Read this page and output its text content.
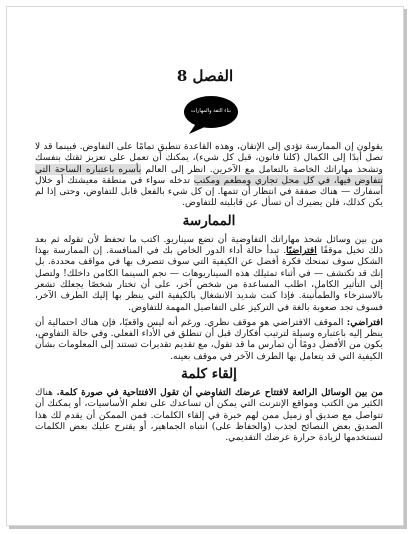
الفصل 8
بناء الثقة والمهارات

يقولون إن الممارسة تؤدي إلى الإتقان، وهذه القاعدة تنطبق تمامًا على التفاوض. فبينما قد لا تصل أبدًا إلى الكمال (كلنا فانون، قبل كل شيء)، يمكنك أن تعمل على تعزيز ثقتك بنفسك وتشحذ مهاراتك الخاصة بالتعامل مع الآخرين. انظر إلى العالم بأسره باعتباره الساحة التي تتفاوض فيها، في كل محل تجاري ومطعم ومكتب تدخله سواء في منطقة معيشتك أو خلال أسفارك — هناك صفقة في انتظار أن تتمها. إن كل شيء بالفعل قابل للتفاوض، وحتى إذا لم يكن كذلك، فلن يضيرك أن تسأل عن قابليته للتفاوض.

الممارسة

من بين وسائل شحذ مهاراتك التفاوضية أن تضع سيناريو. اكتب ما تحفظ لأن تقوله ثم بعد ذلك تخيل موقفًا افتراضيًا. تبدأ حالة أداء الدور الخاص بك في المنافسة. إن الممارسة بهذا الشكل سوف تمنحك فكرة أفضل عن الكيفية التي سوف تتصرف بها في مواقف محددة. بل إنك قد تكتشف — في أثناء تمثيلك هذه السيناريوهات — نجم السينما الكامن داخلك! ولتصل إلى التأثير الكامل، اطلب المساعدة من شخص آخر، على أن تختار شخصًا يجعلك تشعر بالاسترخاء والطمأنينة. فإذا كنت شديد الانشغال بالكيفية التي ينظر بها إليك الطرف الآخر، فسوف تجد صعوبة بالغة في التركيز على التفاصيل المهمة للتفاوض.

افتراضي: الموقف الافتراضي هو موقف نظري. ورغم أنه ليس واقعيًا، فإن هناك احتمالية أن ينظر إليه باعتباره وسيلة لترتيب أفكارك قبل أن تنطلق في الأداء الفعلي. وفي حالة التفاوض، يكون من الأفضل دومًا أن تمارس ما قد تقول، مع تقديم تقديرات تستند إلى المعلومات بشأن الكيفية التي قد يتعامل بها الطرف الآخر في موقف بعينه.

إلقاء كلمة

من بين الوسائل الرائعة لافتتاح عرضك التفاوضي أن تقول الافتتاحية في صورة كلمة. هناك الكثير من الكتب ومواقع الإنترنت التي يمكن أن تساعدك على تعلم الأساسيات، أو يمكنك أن تتواصل مع صديق أو زميل ممن لهم خبرة في إلقاء الكلمات. فمن الممكن أن يقدم لك هذا الصديق بعض النصائح لجذب (والحفاظ على) انتباه الجماهير، أو يقترح عليك بعض الكلمات لتستخدمها لزيادة حرارة عرضك التقديمي.
